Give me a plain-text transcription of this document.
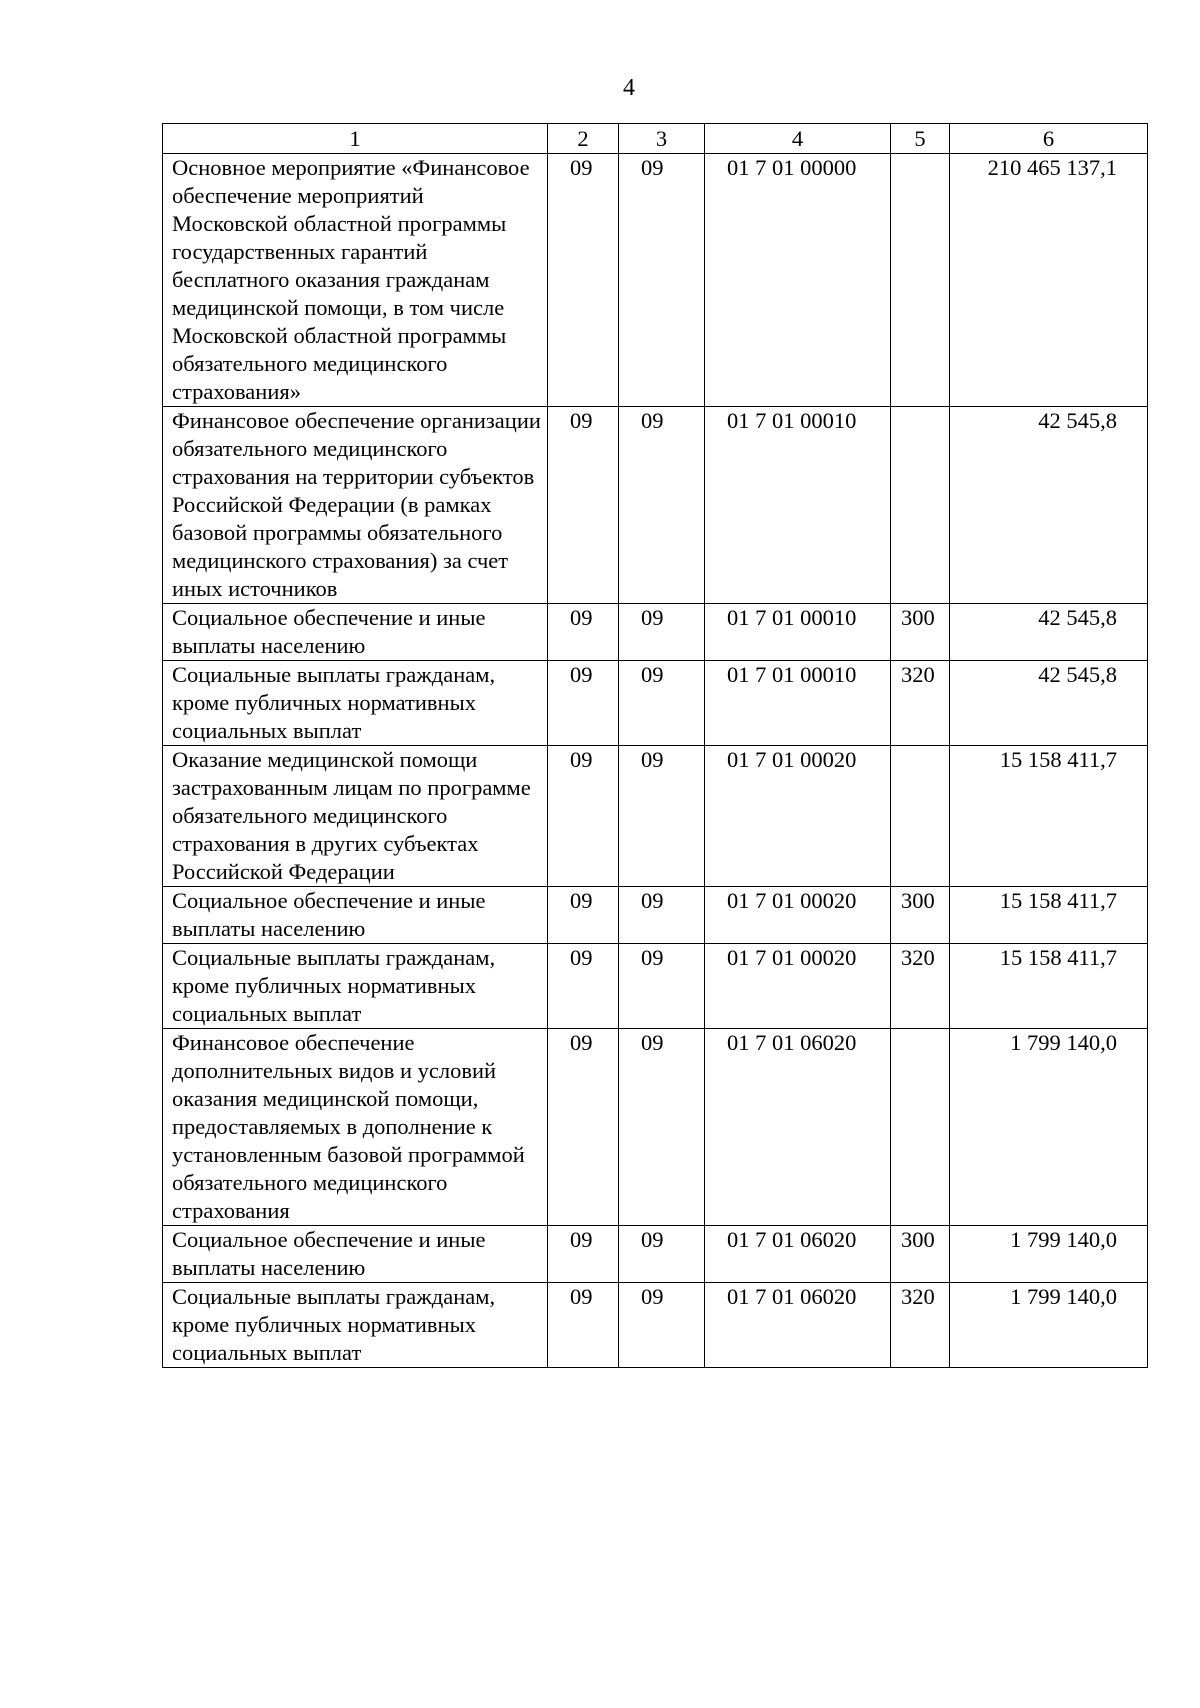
4
1	2	3	4	5	6
Основное мероприятие «Финансовое обеспечение мероприятий Московской областной программы государственных гарантий бесплатного оказания гражданам медицинской помощи, в том числе Московской областной программы обязательного медицинского страхования»	09	09	01 7 01 00000		210 465 137,1
Финансовое обеспечение организации обязательного медицинского страхования на территории субъектов Российской Федерации (в рамках базовой программы обязательного медицинского страхования) за счет иных источников	09	09	01 7 01 00010		42 545,8
Социальное обеспечение и иные выплаты населению	09	09	01 7 01 00010	300	42 545,8
Социальные выплаты гражданам, кроме публичных нормативных социальных выплат	09	09	01 7 01 00010	320	42 545,8
Оказание медицинской помощи застрахованным лицам по программе обязательного медицинского страхования в других субъектах Российской Федерации	09	09	01 7 01 00020		15 158 411,7
Социальное обеспечение и иные выплаты населению	09	09	01 7 01 00020	300	15 158 411,7
Социальные выплаты гражданам, кроме публичных нормативных социальных выплат	09	09	01 7 01 00020	320	15 158 411,7
Финансовое обеспечение дополнительных видов и условий оказания медицинской помощи, предоставляемых в дополнение к установленным базовой программой обязательного медицинского страхования	09	09	01 7 01 06020		1 799 140,0
Социальное обеспечение и иные выплаты населению	09	09	01 7 01 06020	300	1 799 140,0
Социальные выплаты гражданам, кроме публичных нормативных социальных выплат	09	09	01 7 01 06020	320	1 799 140,0
